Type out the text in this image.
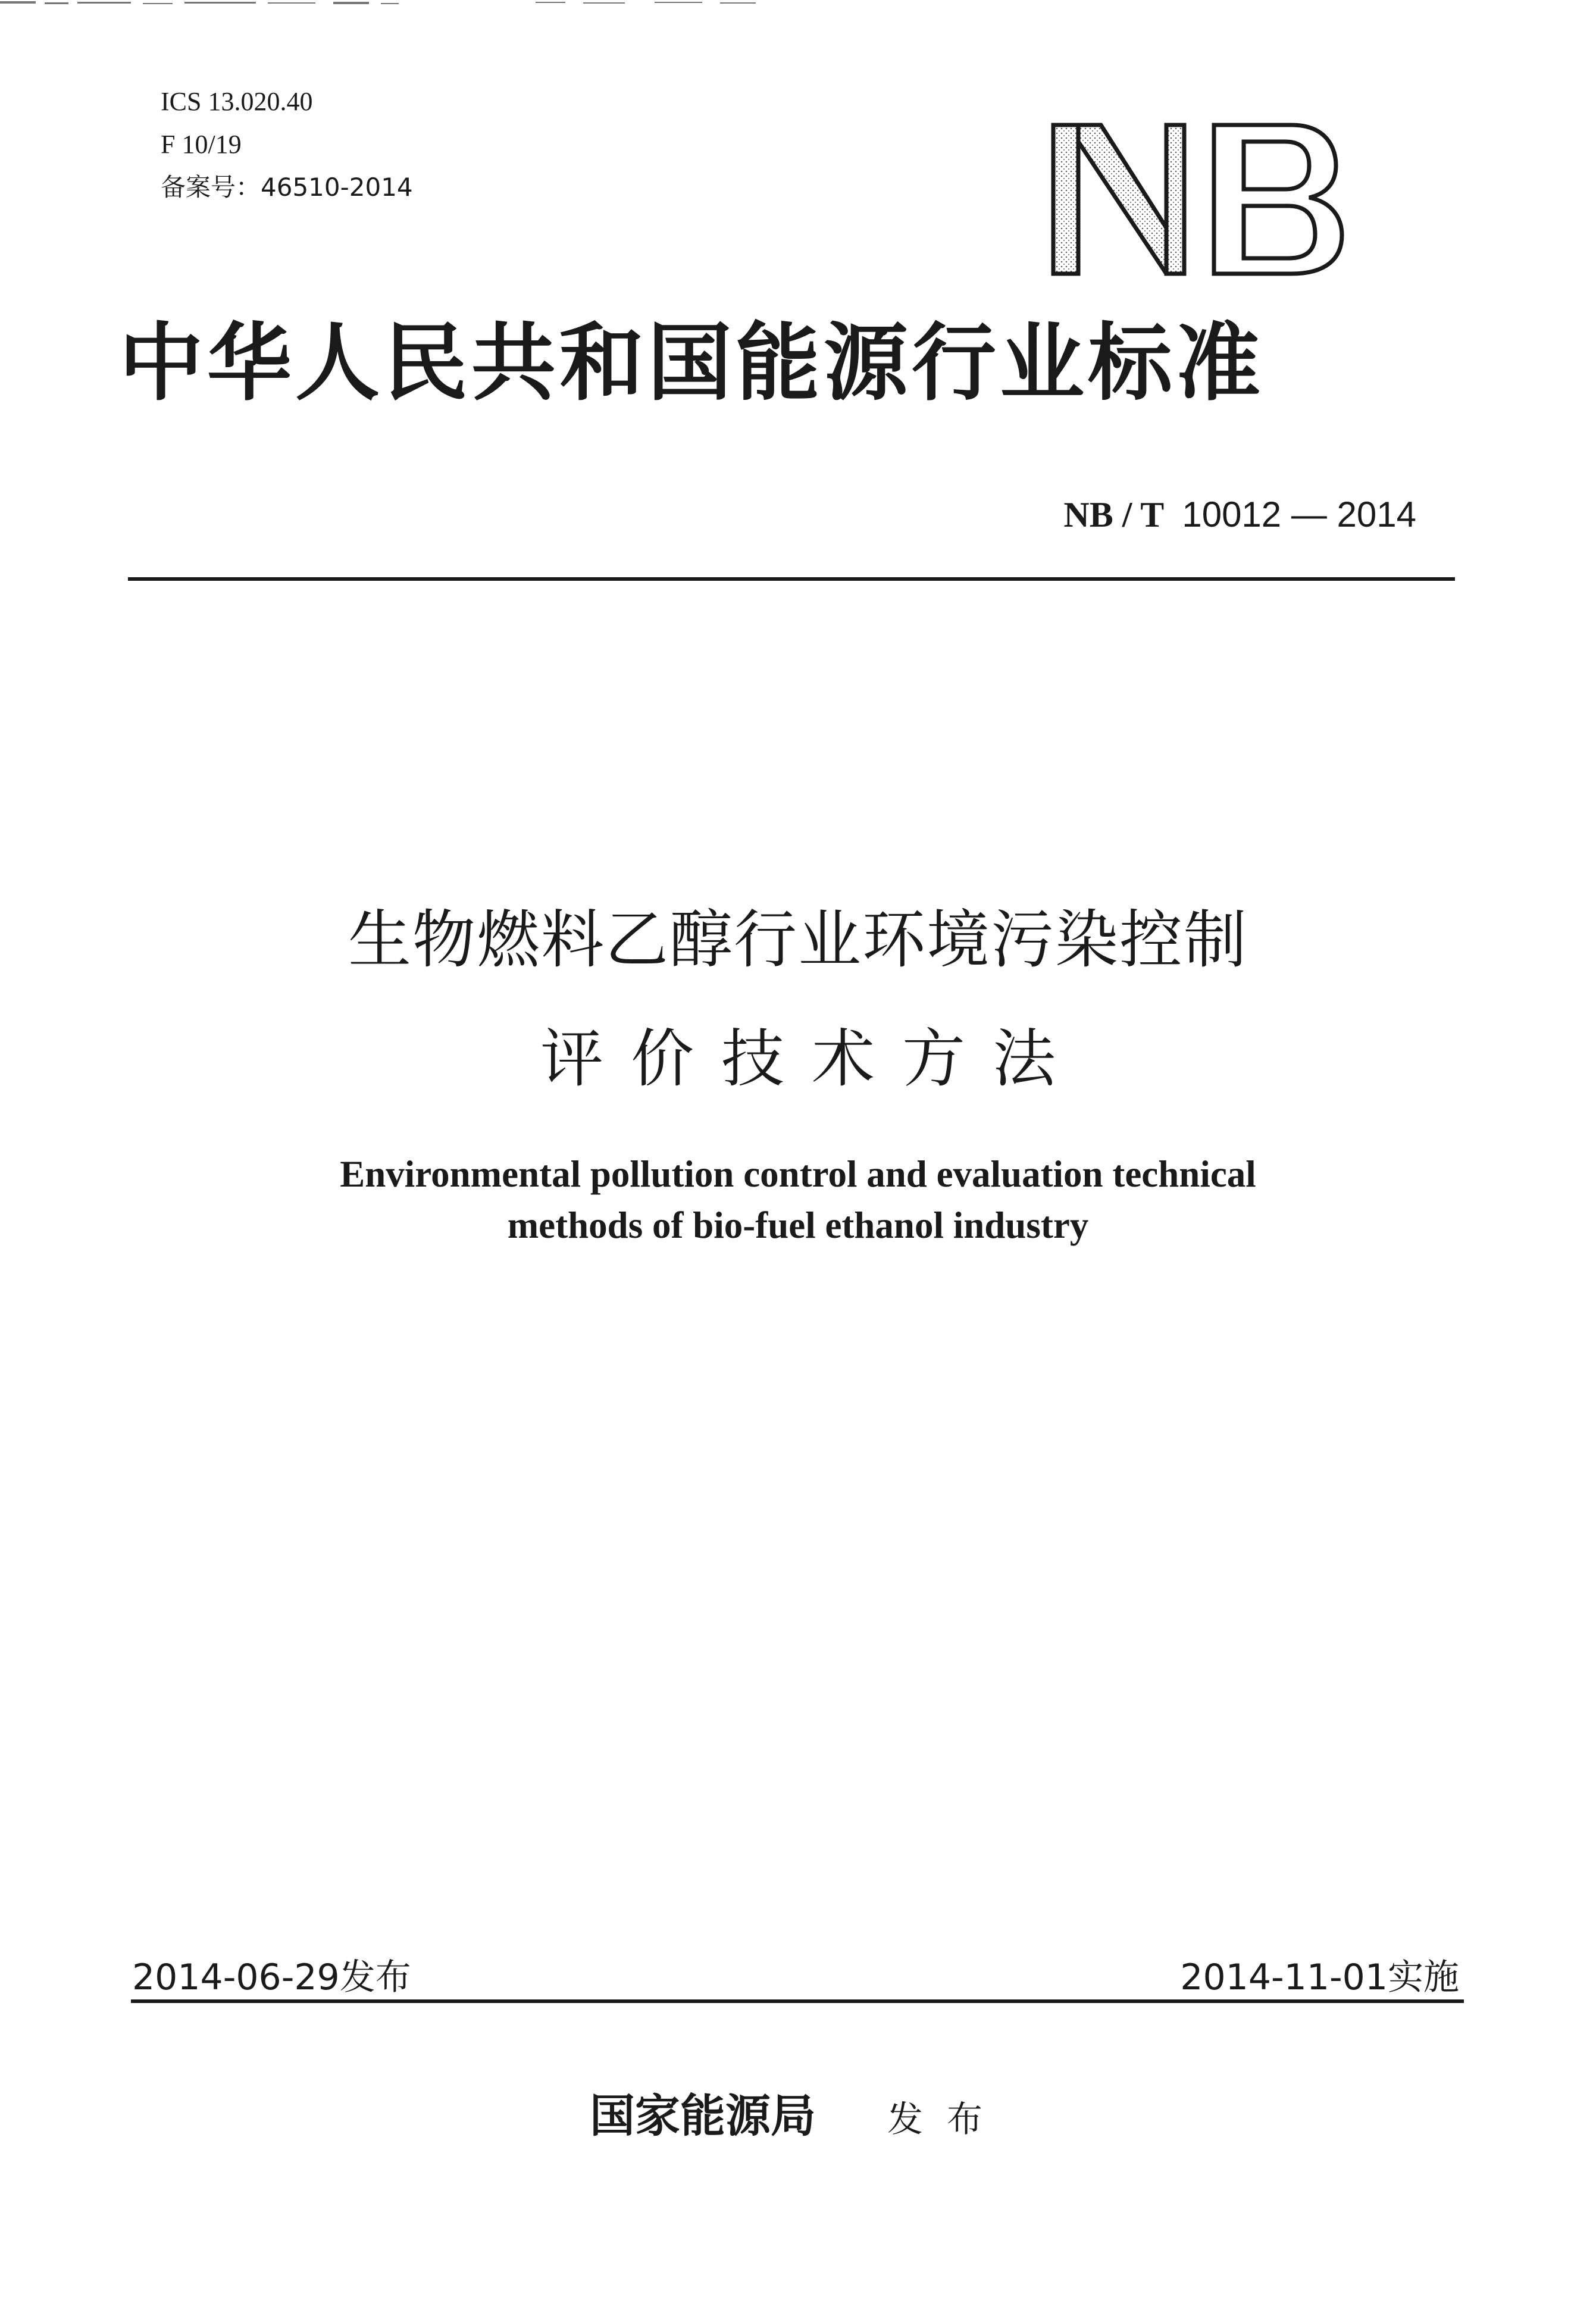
ICS 13.020.40
F 10/19
备案号：46510-2014
中华人民共和国能源行业标准
NB / T 10012 — 2014
生物燃料乙醇行业环境污染控制
评价技术方法
Environmental pollution control and evaluation technical
methods of bio-fuel ethanol industry
2014-06-29发布	2014-11-01实施
国家能源局 发布
